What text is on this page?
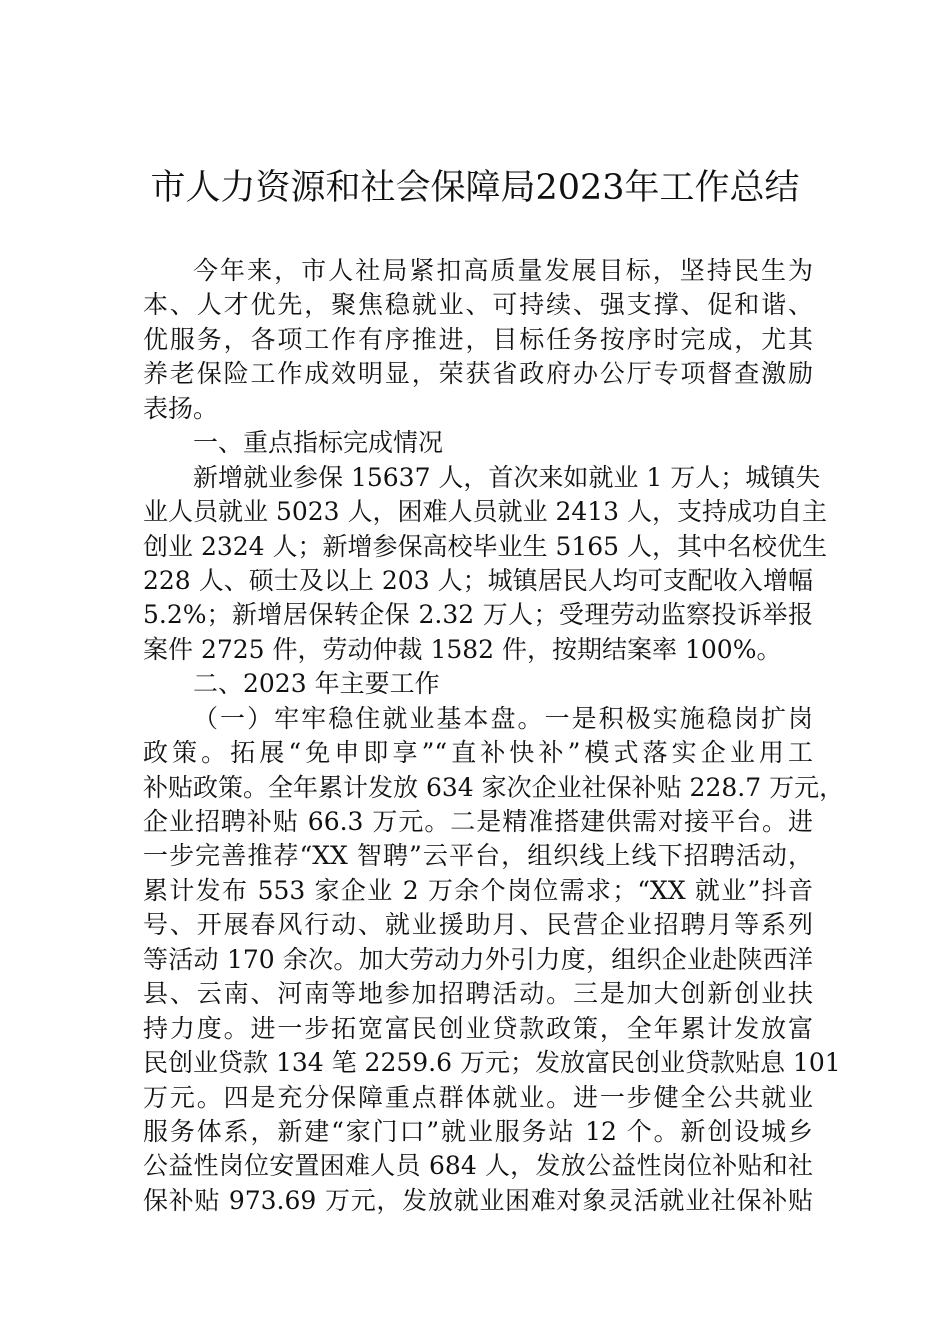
市人力资源和社会保障局2023年工作总结
今年来，市人社局紧扣高质量发展目标，坚持民生为
本、人才优先，聚焦稳就业、可持续、强支撑、促和谐、
优服务，各项工作有序推进，目标任务按序时完成，尤其
养老保险工作成效明显，荣获省政府办公厅专项督查激励
表扬。
一、重点指标完成情况
新增就业参保 15637 人，首次来如就业 1 万人；城镇失
业人员就业 5023 人，困难人员就业 2413 人，支持成功自主
创业 2324 人；新增参保高校毕业生 5165 人，其中名校优生
228 人、硕士及以上 203 人；城镇居民人均可支配收入增幅
5.2%；新增居保转企保 2.32 万人；受理劳动监察投诉举报
案件 2725 件，劳动仲裁 1582 件，按期结案率 100%。
二、2023 年主要工作
（一）牢牢稳住就业基本盘。一是积极实施稳岗扩岗
政策。拓展“免申即享”“直补快补”模式落实企业用工
补贴政策。全年累计发放 634 家次企业社保补贴 228.7 万元，
企业招聘补贴 66.3 万元。二是精准搭建供需对接平台。进
一步完善推荐“XX 智聘”云平台，组织线上线下招聘活动，
累计发布 553 家企业 2 万余个岗位需求；“XX 就业”抖音
号、开展春风行动、就业援助月、民营企业招聘月等系列
等活动 170 余次。加大劳动力外引力度，组织企业赴陕西洋
县、云南、河南等地参加招聘活动。三是加大创新创业扶
持力度。进一步拓宽富民创业贷款政策，全年累计发放富
民创业贷款 134 笔 2259.6 万元；发放富民创业贷款贴息 101
万元。四是充分保障重点群体就业。进一步健全公共就业
服务体系，新建“家门口”就业服务站 12 个。新创设城乡
公益性岗位安置困难人员 684 人，发放公益性岗位补贴和社
保补贴 973.69 万元，发放就业困难对象灵活就业社保补贴
